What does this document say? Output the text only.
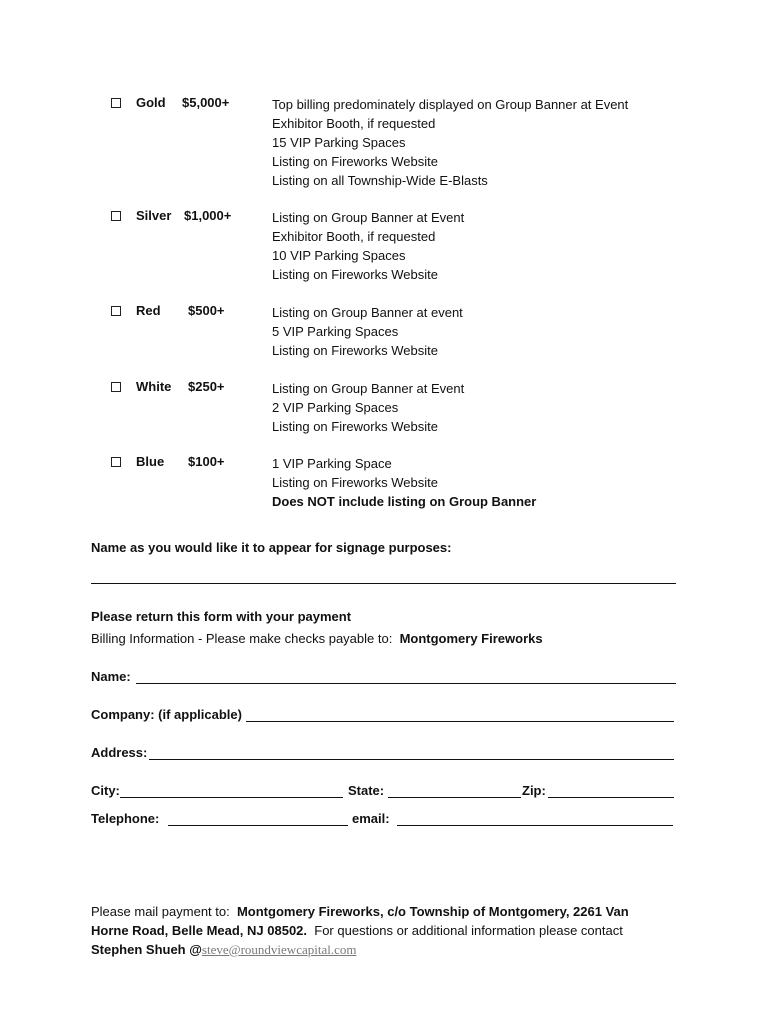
Gold $5,000+	Top billing predominately displayed on Group Banner at Event
Exhibitor Booth, if requested
15 VIP Parking Spaces
Listing on Fireworks Website
Listing on all Township-Wide E-Blasts
Silver $1,000+	Listing on Group Banner at Event
Exhibitor Booth, if requested
10 VIP Parking Spaces
Listing on Fireworks Website
Red $500+	Listing on Group Banner at event
5 VIP Parking Spaces
Listing on Fireworks Website
White $250+	Listing on Group Banner at Event
2 VIP Parking Spaces
Listing on Fireworks Website
Blue $100+	1 VIP Parking Space
Listing on Fireworks Website
Does NOT include listing on Group Banner
Name as you would like it to appear for signage purposes:
Please return this form with your payment
Billing Information - Please make checks payable to: Montgomery Fireworks
Name:
Company: (if applicable)
Address:
City:	State:	Zip:
Telephone:	email:
Please mail payment to: Montgomery Fireworks, c/o Township of Montgomery, 2261 Van Horne Road, Belle Mead, NJ 08502. For questions or additional information please contact Stephen Shueh @steve@roundviewcapital.com
